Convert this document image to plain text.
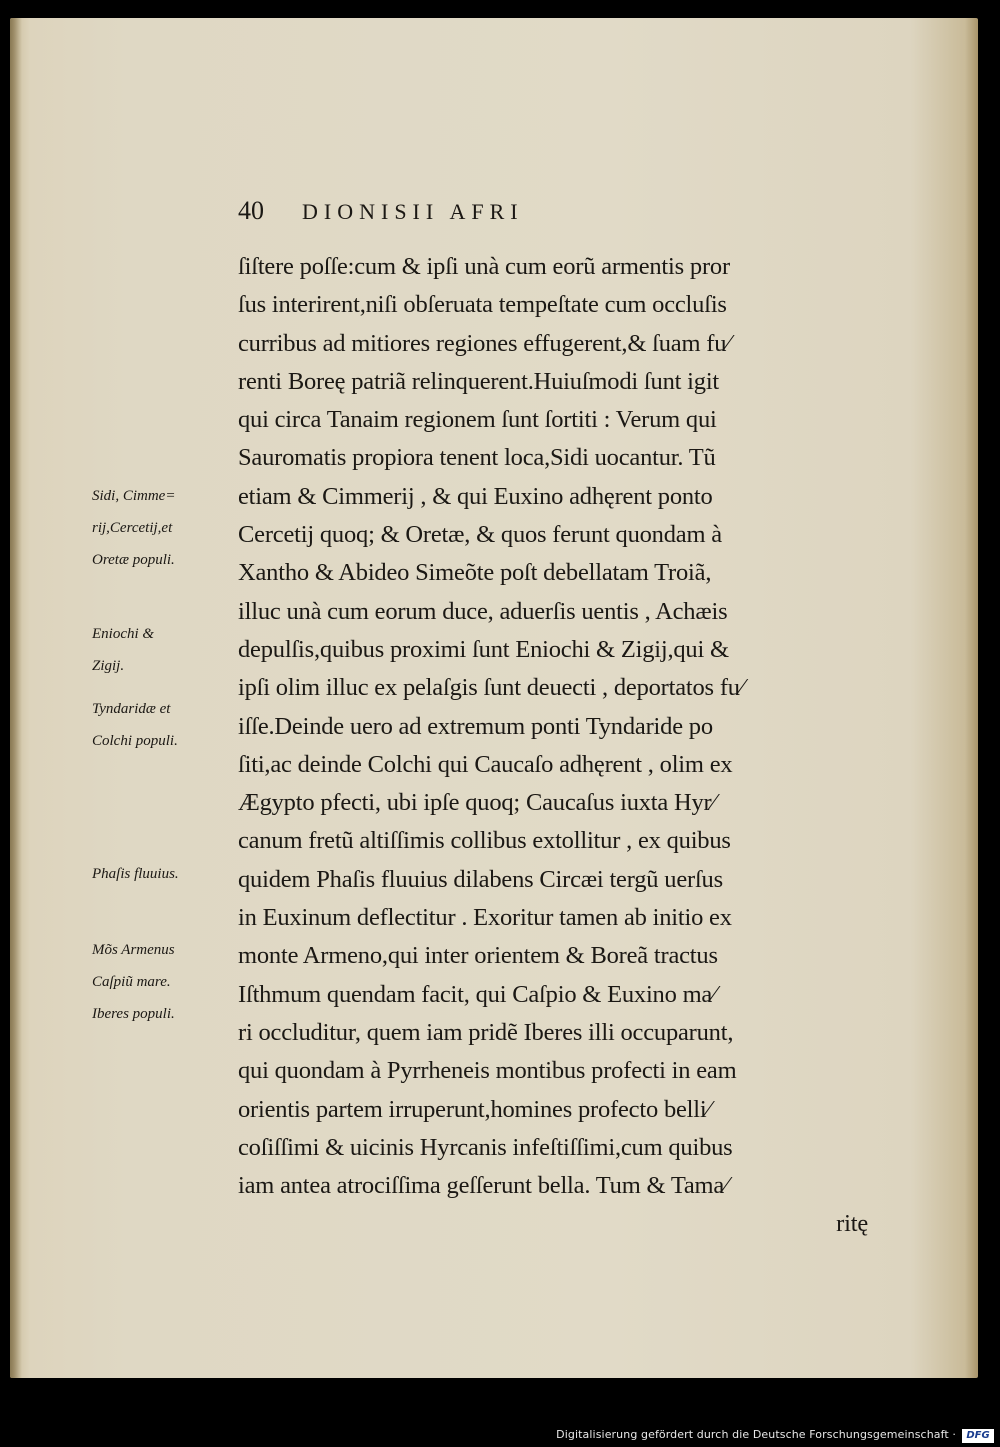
40 DIONISII AFRI
ſiſtere poſſe:cum & ipſi unà cum eorũ armentis pror
ſus interirent,niſi obſeruata tempeſtate cum occluſis
curribus ad mitiores regiones effugerent,& ſuam fu⁄
renti Boreę patriã relinquerent.Huiuſmodi ſunt igit
qui circa Tanaim regionem ſunt ſortiti : Verum qui
Sauromatis propiora tenent loca,Sidi uocantur. Tũ
etiam & Cimmerij , & qui Euxino adhęrent ponto
Cercetij quoq; & Oretæ, & quos ferunt quondam à
Xantho & Abideo Simeõte poſt debellatam Troiã,
illuc unà cum eorum duce, aduerſis uentis , Achæis
depulſis,quibus proximi ſunt Eniochi & Zigij,qui &
ipſi olim illuc ex pelaſgis ſunt deuecti , deportatos fu⁄
iſſe.Deinde uero ad extremum ponti Tyndaride po
ſiti,ac deinde Colchi qui Caucaſo adhęrent , olim ex
Ægypto pfecti, ubi ipſe quoq; Caucaſus iuxta Hyr⁄
canum fretũ altiſſimis collibus extollitur , ex quibus
quidem Phaſis fluuius dilabens Circæi tergũ uerſus
in Euxinum deflectitur . Exoritur tamen ab initio ex
monte Armeno,qui inter orientem & Boreã tractus
Iſthmum quendam facit, qui Caſpio & Euxino ma⁄
ri occluditur, quem iam pridẽ Iberes illi occuparunt,
qui quondam à Pyrrheneis montibus profecti in eam
orientis partem irruperunt,homines profecto belli⁄
coſiſſimi & uicinis Hyrcanis infeſtiſſimi,cum quibus
iam antea atrociſſima geſſerunt bella. Tum & Tama⁄
ritę
Sidi, Cimme=
rij,Cercetij,et
Oretæ populi.
Eniochi &
Zigij.
Tyndaridæ et
Colchi populi.
Phaſis fluuius.
Mõs Armenus
Caſpiũ mare.
Iberes populi.
Digitalisierung gefördert durch die Deutsche Forschungsgemeinschaft ·	DFG
